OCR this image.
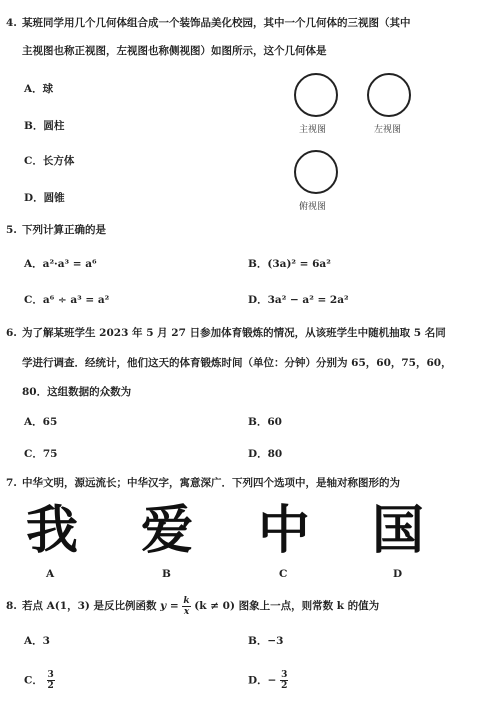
4. 某班同学用几个几何体组合成一个装饰品美化校园，其中一个几何体的三视图（其中
主视图也称正视图，左视图也称侧视图）如图所示，这个几何体是
A．球
B．圆柱
C．长方体
D．圆锥
主视图	左视图
俯视图
5. 下列计算正确的是
A．a²·a³ = a⁶	B．(3a)² = 6a²
C．a⁶ ÷ a³ = a²	D．3a² − a² = 2a²
6. 为了解某班学生 2023 年 5 月 27 日参加体育锻炼的情况，从该班学生中随机抽取 5 名同
学进行调查．经统计，他们这天的体育锻炼时间（单位：分钟）分别为 65，60，75，60，
80．这组数据的众数为
A．65	B．60
C．75	D．80
7. 中华文明，源远流长；中华汉字，寓意深广．下列四个选项中，是轴对称图形的为
我 爱 中 国
A	B	C	D
8. 若点 A(1，3) 是反比例函数 $y = \frac{k}{x} (k \ne 0)$ 图象上一点，则常数 k 的值为
A．3	B．−3
C． $\frac{3}{2}$	D．− $\frac{3}{2}$
